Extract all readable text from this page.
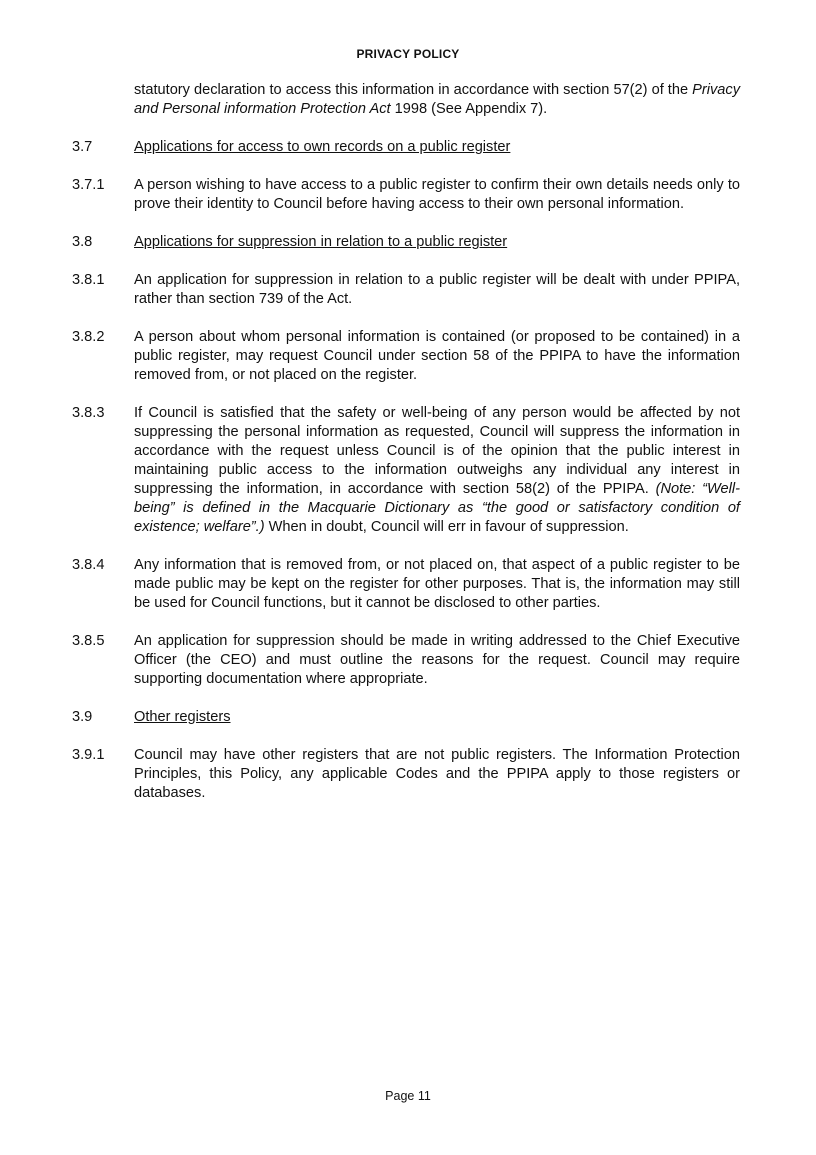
PRIVACY POLICY
statutory declaration to access this information in accordance with section 57(2) of the Privacy and Personal information Protection Act 1998 (See Appendix 7).
3.7	Applications for access to own records on a public register
3.7.1	A person wishing to have access to a public register to confirm their own details needs only to prove their identity to Council before having access to their own personal information.
3.8	Applications for suppression in relation to a public register
3.8.1	An application for suppression in relation to a public register will be dealt with under PPIPA, rather than section 739 of the Act.
3.8.2	A person about whom personal information is contained (or proposed to be contained) in a public register, may request Council under section 58 of the PPIPA to have the information removed from, or not placed on the register.
3.8.3	If Council is satisfied that the safety or well-being of any person would be affected by not suppressing the personal information as requested, Council will suppress the information in accordance with the request unless Council is of the opinion that the public interest in maintaining public access to the information outweighs any individual any interest in suppressing the information, in accordance with section 58(2) of the PPIPA. (Note: “Well-being” is defined in the Macquarie Dictionary as “the good or satisfactory condition of existence; welfare”.) When in doubt, Council will err in favour of suppression.
3.8.4	Any information that is removed from, or not placed on, that aspect of a public register to be made public may be kept on the register for other purposes. That is, the information may still be used for Council functions, but it cannot be disclosed to other parties.
3.8.5	An application for suppression should be made in writing addressed to the Chief Executive Officer (the CEO) and must outline the reasons for the request. Council may require supporting documentation where appropriate.
3.9	Other registers
3.9.1	Council may have other registers that are not public registers. The Information Protection Principles, this Policy, any applicable Codes and the PPIPA apply to those registers or databases.
Page 11
